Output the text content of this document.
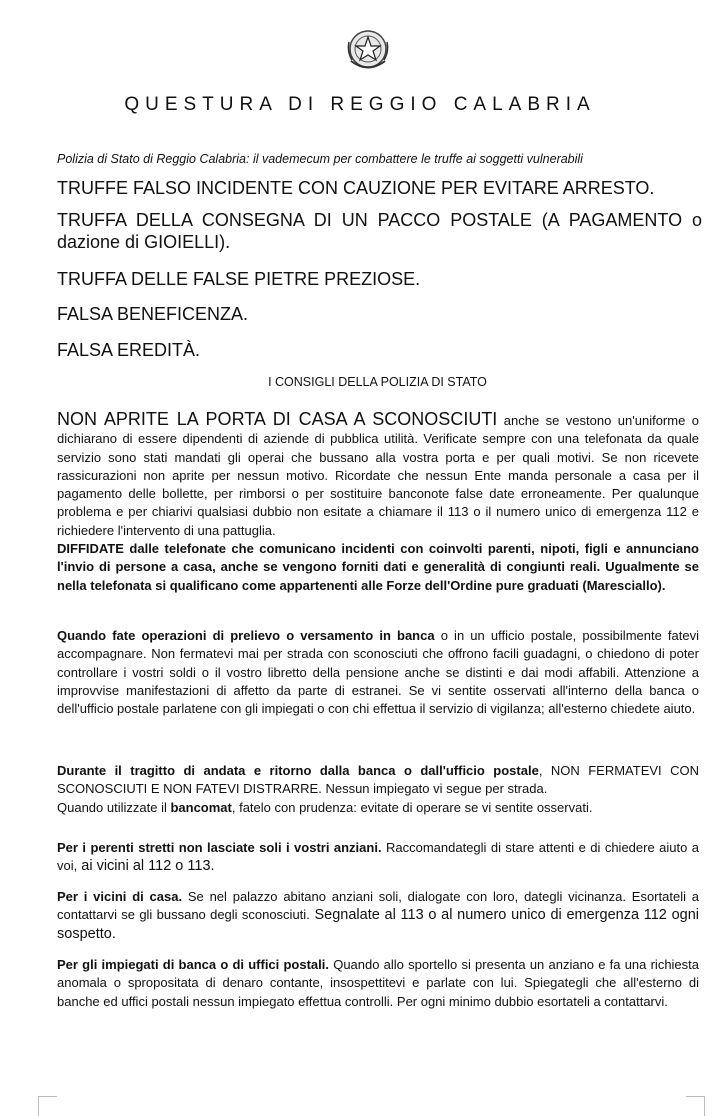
QUESTURA DI REGGIO CALABRIA
Polizia di Stato di Reggio Calabria: il vademecum per combattere le truffe ai soggetti vulnerabili
TRUFFE FALSO INCIDENTE CON CAUZIONE PER EVITARE ARRESTO.
TRUFFA DELLA CONSEGNA DI UN PACCO POSTALE (A PAGAMENTO o dazione di GIOIELLI).
TRUFFA DELLE FALSE PIETRE PREZIOSE.
FALSA BENEFICENZA.
FALSA EREDITÀ.
I CONSIGLI DELLA POLIZIA DI STATO
NON APRITE LA PORTA DI CASA A SCONOSCIUTI anche se vestono un'uniforme o dichiarano di essere dipendenti di aziende di pubblica utilità. Verificate sempre con una telefonata da quale servizio sono stati mandati gli operai che bussano alla vostra porta e per quali motivi. Se non ricevete rassicurazioni non aprite per nessun motivo. Ricordate che nessun Ente manda personale a casa per il pagamento delle bollette, per rimborsi o per sostituire banconote false date erroneamente. Per qualunque problema e per chiarivi qualsiasi dubbio non esitate a chiamare il 113 o il numero unico di emergenza 112 e richiedere l'intervento di una pattuglia.
DIFFIDATE dalle telefonate che comunicano incidenti con coinvolti parenti, nipoti, figli e annunciano l'invio di persone a casa, anche se vengono forniti dati e generalità di congiunti reali. Ugualmente se nella telefonata si qualificano come appartenenti alle Forze dell'Ordine pure graduati (Maresciallo).
Quando fate operazioni di prelievo o versamento in banca o in un ufficio postale, possibilmente fatevi accompagnare. Non fermatevi mai per strada con sconosciuti che offrono facili guadagni, o chiedono di poter controllare i vostri soldi o il vostro libretto della pensione anche se distinti e dai modi affabili. Attenzione a improvvise manifestazioni di affetto da parte di estranei. Se vi sentite osservati all'interno della banca o dell'ufficio postale parlatene con gli impiegati o con chi effettua il servizio di vigilanza; all'esterno chiedete aiuto.
Durante il tragitto di andata e ritorno dalla banca o dall'ufficio postale, NON FERMATEVI CON SCONOSCIUTI E NON FATEVI DISTRARRE. Nessun impiegato vi segue per strada.
Quando utilizzate il bancomat, fatelo con prudenza: evitate di operare se vi sentite osservati.
Per i perenti stretti non lasciate soli i vostri anziani. Raccomandategli di stare attenti e di chiedere aiuto a voi, ai vicini al 112 o 113.
Per i vicini di casa. Se nel palazzo abitano anziani soli, dialogate con loro, dategli vicinanza. Esortateli a contattarvi se gli bussano degli sconosciuti. Segnalate al 113 o al numero unico di emergenza 112 ogni sospetto.
Per gli impiegati di banca o di uffici postali. Quando allo sportello si presenta un anziano e fa una richiesta anomala o spropositata di denaro contante, insospettitevi e parlate con lui. Spiegategli che all'esterno di banche ed uffici postali nessun impiegato effettua controlli. Per ogni minimo dubbio esortateli a contattarvi.
